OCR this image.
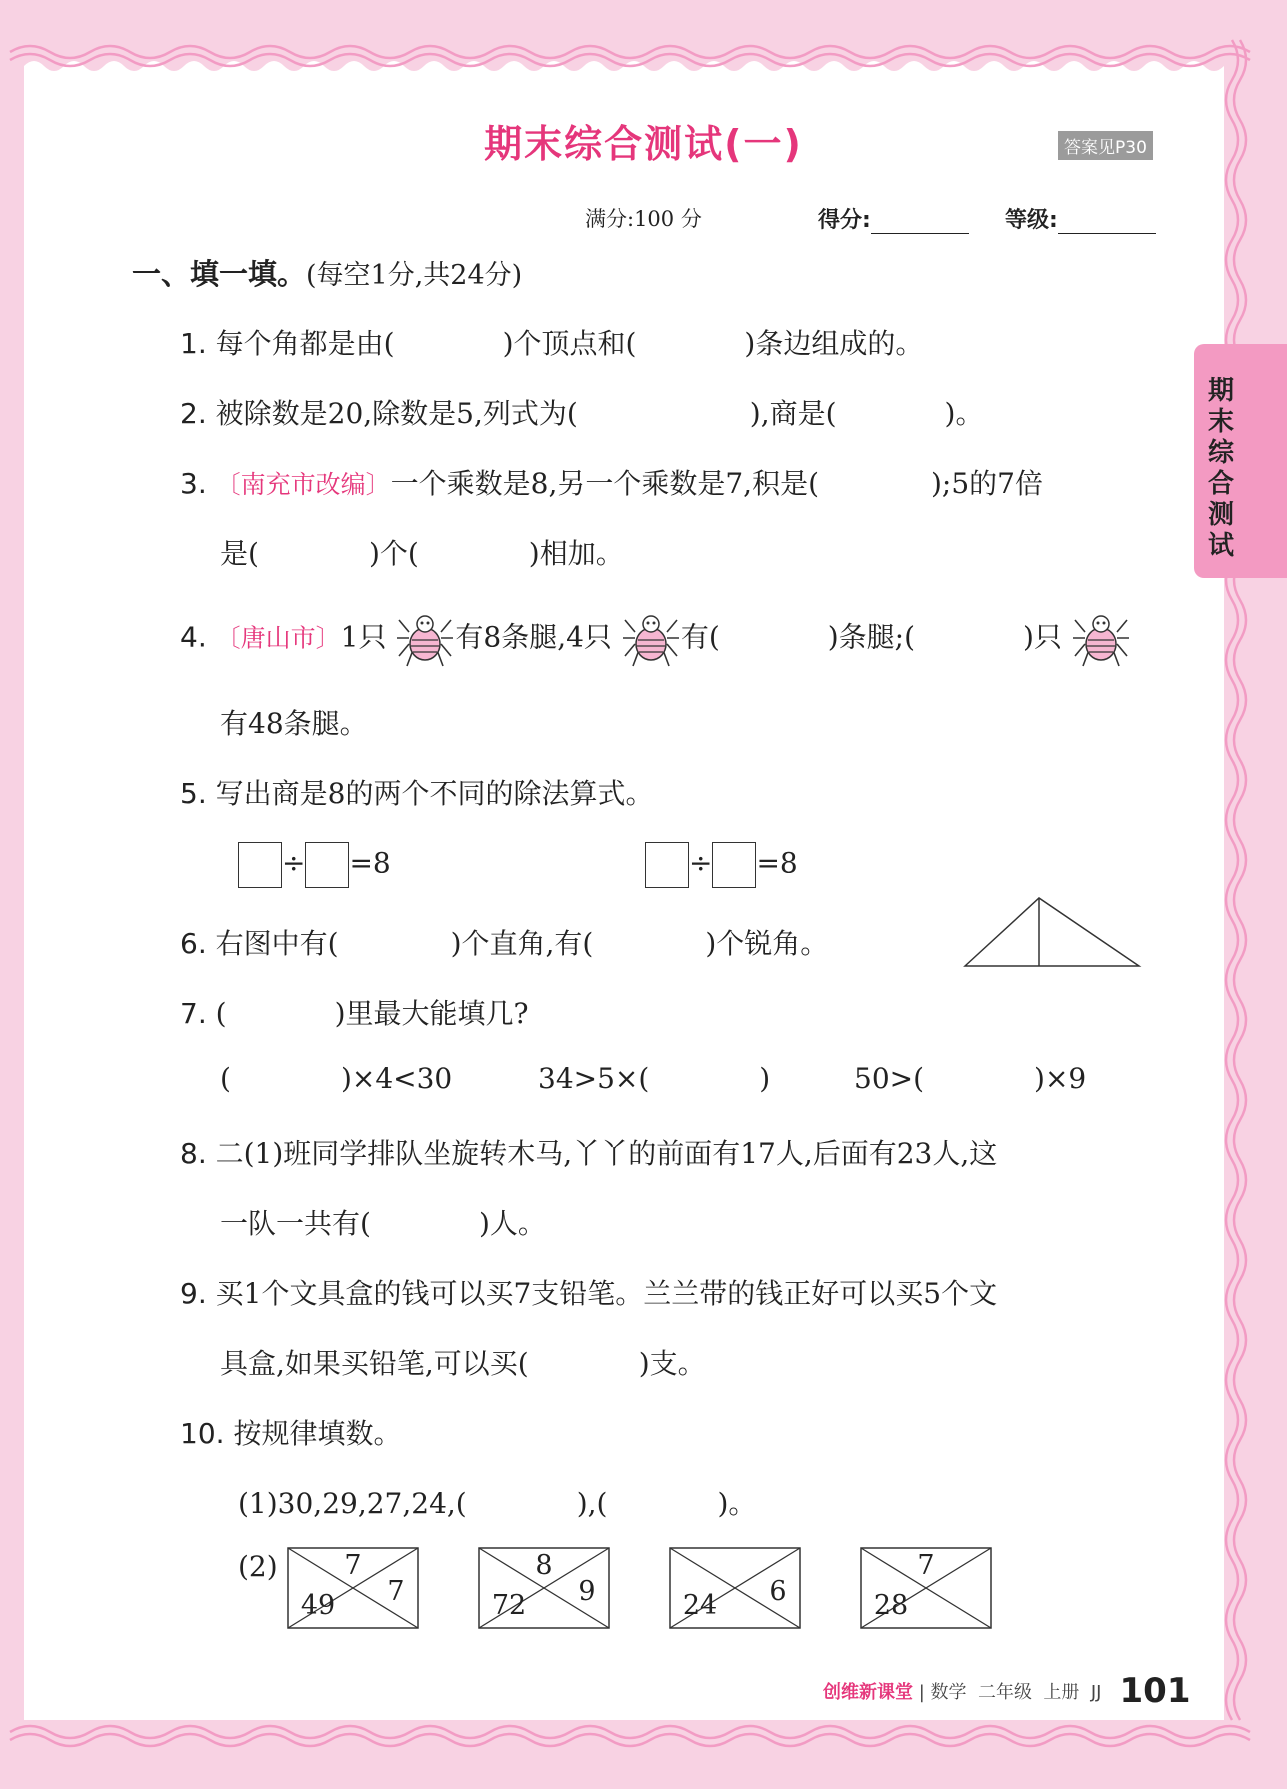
期末综合测试
期末综合测试(一)	答案见P30
满分:100 分	得分:	等级:
一、填一填。(每空1分,共24分)
1. 每个角都是由(	)个顶点和(	)条边组成的。
2. 被除数是20,除数是5,列式为(	),商是(	)。
3. 〔南充市改编〕一个乘数是8,另一个乘数是7,积是(	);5的7倍
是(	)个(	)相加。
4. 〔唐山市〕1只 有8条腿,4只 有(	)条腿;(	)只
有48条腿。
5. 写出商是8的两个不同的除法算式。
÷ =8	÷ =8
6. 右图中有(	)个直角,有(	)个锐角。
7. (	)里最大能填几?
(	)×4<30	34>5×(	)	50>(	)×9
8. 二(1)班同学排队坐旋转木马,丫丫的前面有17人,后面有23人,这
一队一共有(	)人。
9. 买1个文具盒的钱可以买7支铅笔。兰兰带的钱正好可以买5个文
具盒,如果买铅笔,可以买(	)支。
10. 按规律填数。
(1)30,29,27,24,(	),(	)。
(2) 7
49 7
8
72 9	24 6
7
28
创维新课堂 | 数学 二年级 上册 JJ 101
